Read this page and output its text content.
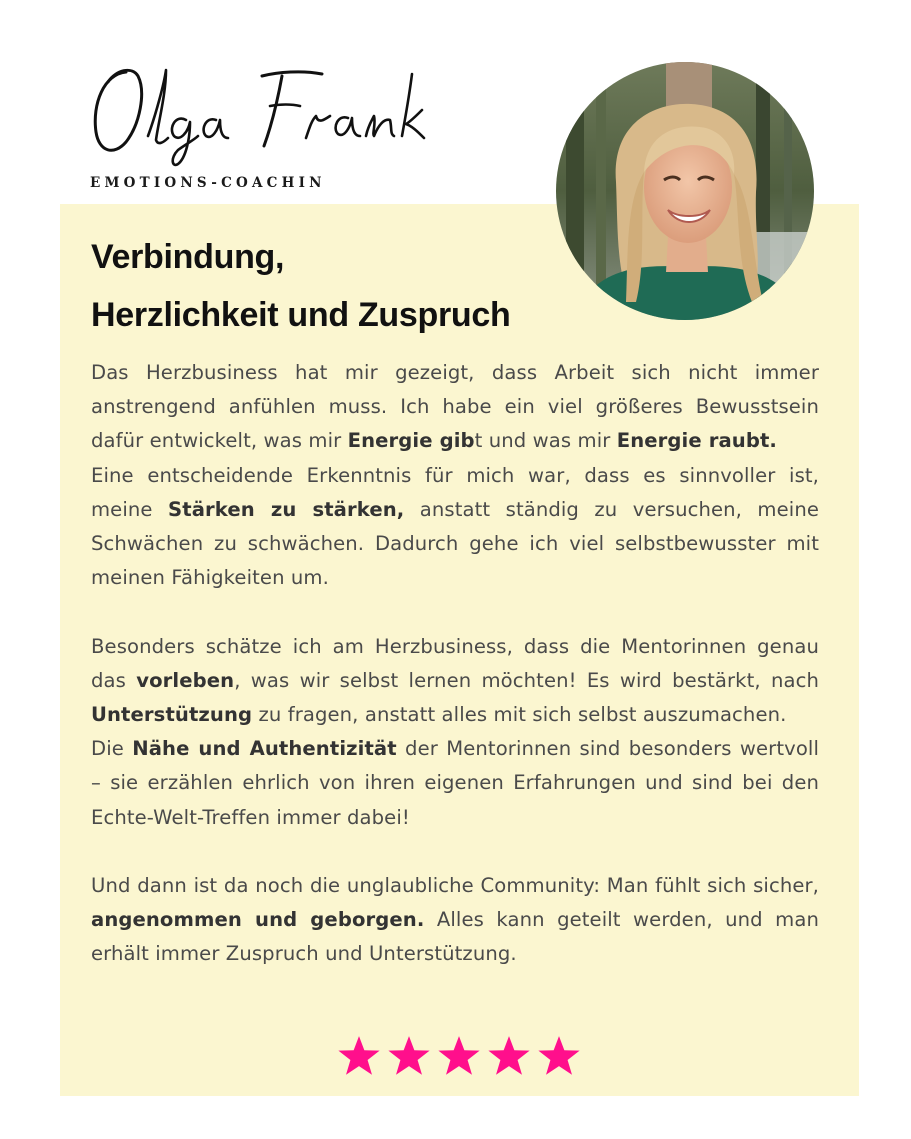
EMOTIONS-COACHIN
Verbindung,
Herzlichkeit und Zuspruch

Das Herzbusiness hat mir gezeigt, dass Arbeit sich nicht immer anstrengend anfühlen muss. Ich habe ein viel größeres Bewusstsein dafür entwickelt, was mir Energie gibt und was mir Energie raubt.

Eine entscheidende Erkenntnis für mich war, dass es sinnvoller ist, meine Stärken zu stärken, anstatt ständig zu versuchen, meine Schwächen zu schwächen. Dadurch gehe ich viel selbstbewusster mit meinen Fähigkeiten um.

Besonders schätze ich am Herzbusiness, dass die Mentorinnen genau das vorleben, was wir selbst lernen möchten! Es wird bestärkt, nach Unterstützung zu fragen, anstatt alles mit sich selbst auszumachen.

Die Nähe und Authentizität der Mentorinnen sind besonders wertvoll – sie erzählen ehrlich von ihren eigenen Erfahrungen und sind bei den Echte-Welt-Treffen immer dabei!

Und dann ist da noch die unglaubliche Community: Man fühlt sich sicher, angenommen und geborgen. Alles kann geteilt werden, und man erhält immer Zuspruch und Unterstützung.
